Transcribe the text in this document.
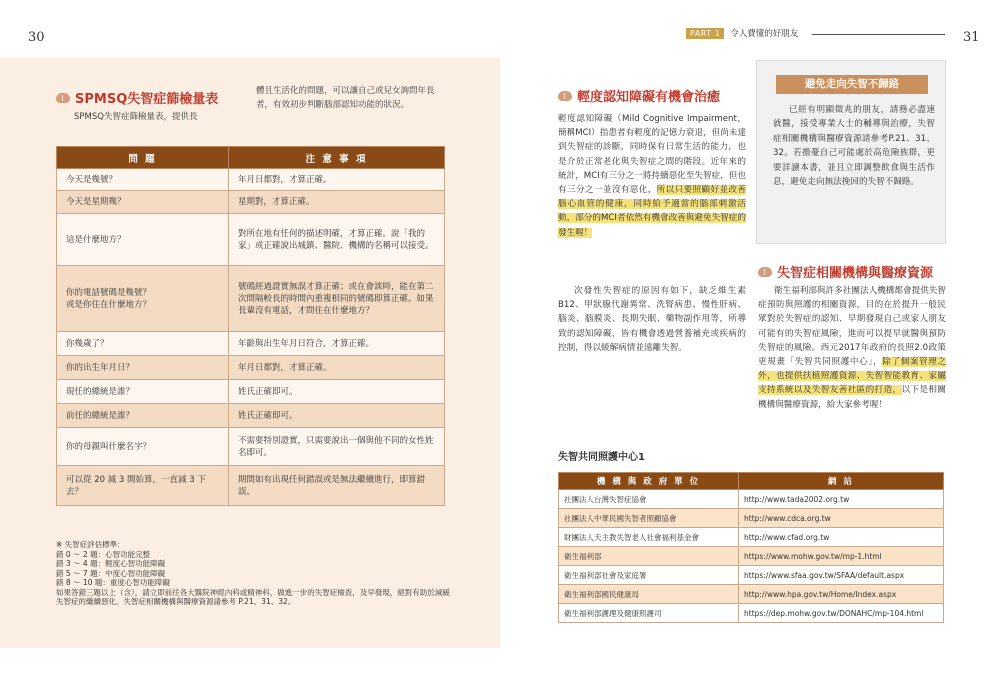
30	31
PART 1	令人費懂的好朋友
SPMSQ失智症篩檢量表
SPMSQ失智症篩檢量表，提供長
體且生活化的問題，可以讓自己或兒女詢問年長者，有效初步判斷腦部認知功能的狀況。
問 題	注 意 事 項
今天是幾號？	年月日都對，才算正確。
今天是星期幾？	星期對，才算正確。
這是什麼地方？	對所在地有任何的描述明確，才算正確。說「我的家」或正確說出城鎮、醫院、機構的名稱可以接受。
你的電話號碼是幾號？
或是你住在什麼地方？	號碼經過證實無誤才算正確；或在會談時，能在第二次間隔較長的時間內重複相同的號碼即算正確。如果長輩沒有電話，才問住在什麼地方？
你幾歲了？	年齡與出生年月日符合，才算正確。
你的出生年月日？	年月日都對，才算正確。
現任的總統是誰？	姓氏正確即可。
前任的總統是誰？	姓氏正確即可。
你的母親叫什麼名字？	不需要特別證實，只需要說出一個與他不同的女性姓名即可。
可以從 20 減 3 開始算，一直減 3 下去？	期間如有出現任何錯誤或是無法繼續進行，即算錯誤。
※ 失智症評估標準：
錯 0 ～ 2 題：心智功能完整
錯 3 ～ 4 題：輕度心智功能障礙
錯 5 ～ 7 題：中度心智功能障礙
錯 8 ～ 10 題：重度心智功能障礙
如果答錯三題以上（含），請立即前往各大醫院神經內科或精神科，做進一步的失智症檢查，及早發現，絕對有助於減緩失智症的繼續惡化。失智症相關機構與醫療資源請參考 P.21、31、32。
輕度認知障礙有機會治癒
輕度認知障礙（Mild Cognitive Impairment，簡稱MCI）指患者有輕度的記憶力衰退，但尚未達到失智症的診斷，同時保有日常生活的能力，也是介於正常老化與失智症之間的階段。近年來的統計，MCI有三分之一將持續惡化至失智症，但也有三分之一並沒有惡化，所以只要照顧好並改善腦心血管的健康，同時給予適當的腦部刺激活動，部分的MCI者依然有機會改善與避免失智症的發生喔！
次發性失智症的原因有如下，缺乏維生素B12、甲狀腺代謝異常、洗腎病患、慢性肝病、腦炎、腦膜炎、長期失眠、藥物副作用等，所導致的認知障礙，皆有機會透過營養補充或疾病的控制，得以緩解病情並遠離失智。
避免走向失智不歸路
已經有明顯徵兆的朋友，請務必盡速就醫，接受專業人士的輔導與治療，失智症相關機構與醫療資源請參考P.21、31、32。若擔憂自己可能處於高危險族群，更要詳讀本書，並且立即調整飲食與生活作息，避免走向無法挽回的失智不歸路。
失智症相關機構與醫療資源
衛生福利部與許多社團法人機構都會提供失智症預防與照護的相關資源，目的在於提升一般民眾對於失智症的認知、早期發現自己或家人朋友可能有的失智症風險，進而可以提早就醫與預防失智症的風險。西元2017年政府的長照2.0政策更規畫「失智共同照護中心」，除了個案管理之外，也提供扶植照護資源、失智智能教育、家屬支持系統以及失智友善社區的打造，以下是相關機構與醫療資源，給大家參考喔！
失智共同照護中心1
機 構 與 政 府 單 位	網 站
社團法人台灣失智症協會	http://www.tada2002.org.tw
社團法人中華民國失智者照顧協會	http://www.cdca.org.tw
財團法人天主教失智老人社會福利基金會	http://www.cfad.org.tw
衛生福利部	https://www.mohw.gov.tw/mp-1.html
衛生福利部社會及家庭署	https://www.sfaa.gov.tw/SFAA/default.aspx
衛生福利部國民健康局	http://www.hpa.gov.tw/Home/Index.aspx
衛生福利部護理及健康照護司	https://dep.mohw.gov.tw/DONAHC/mp-104.html
